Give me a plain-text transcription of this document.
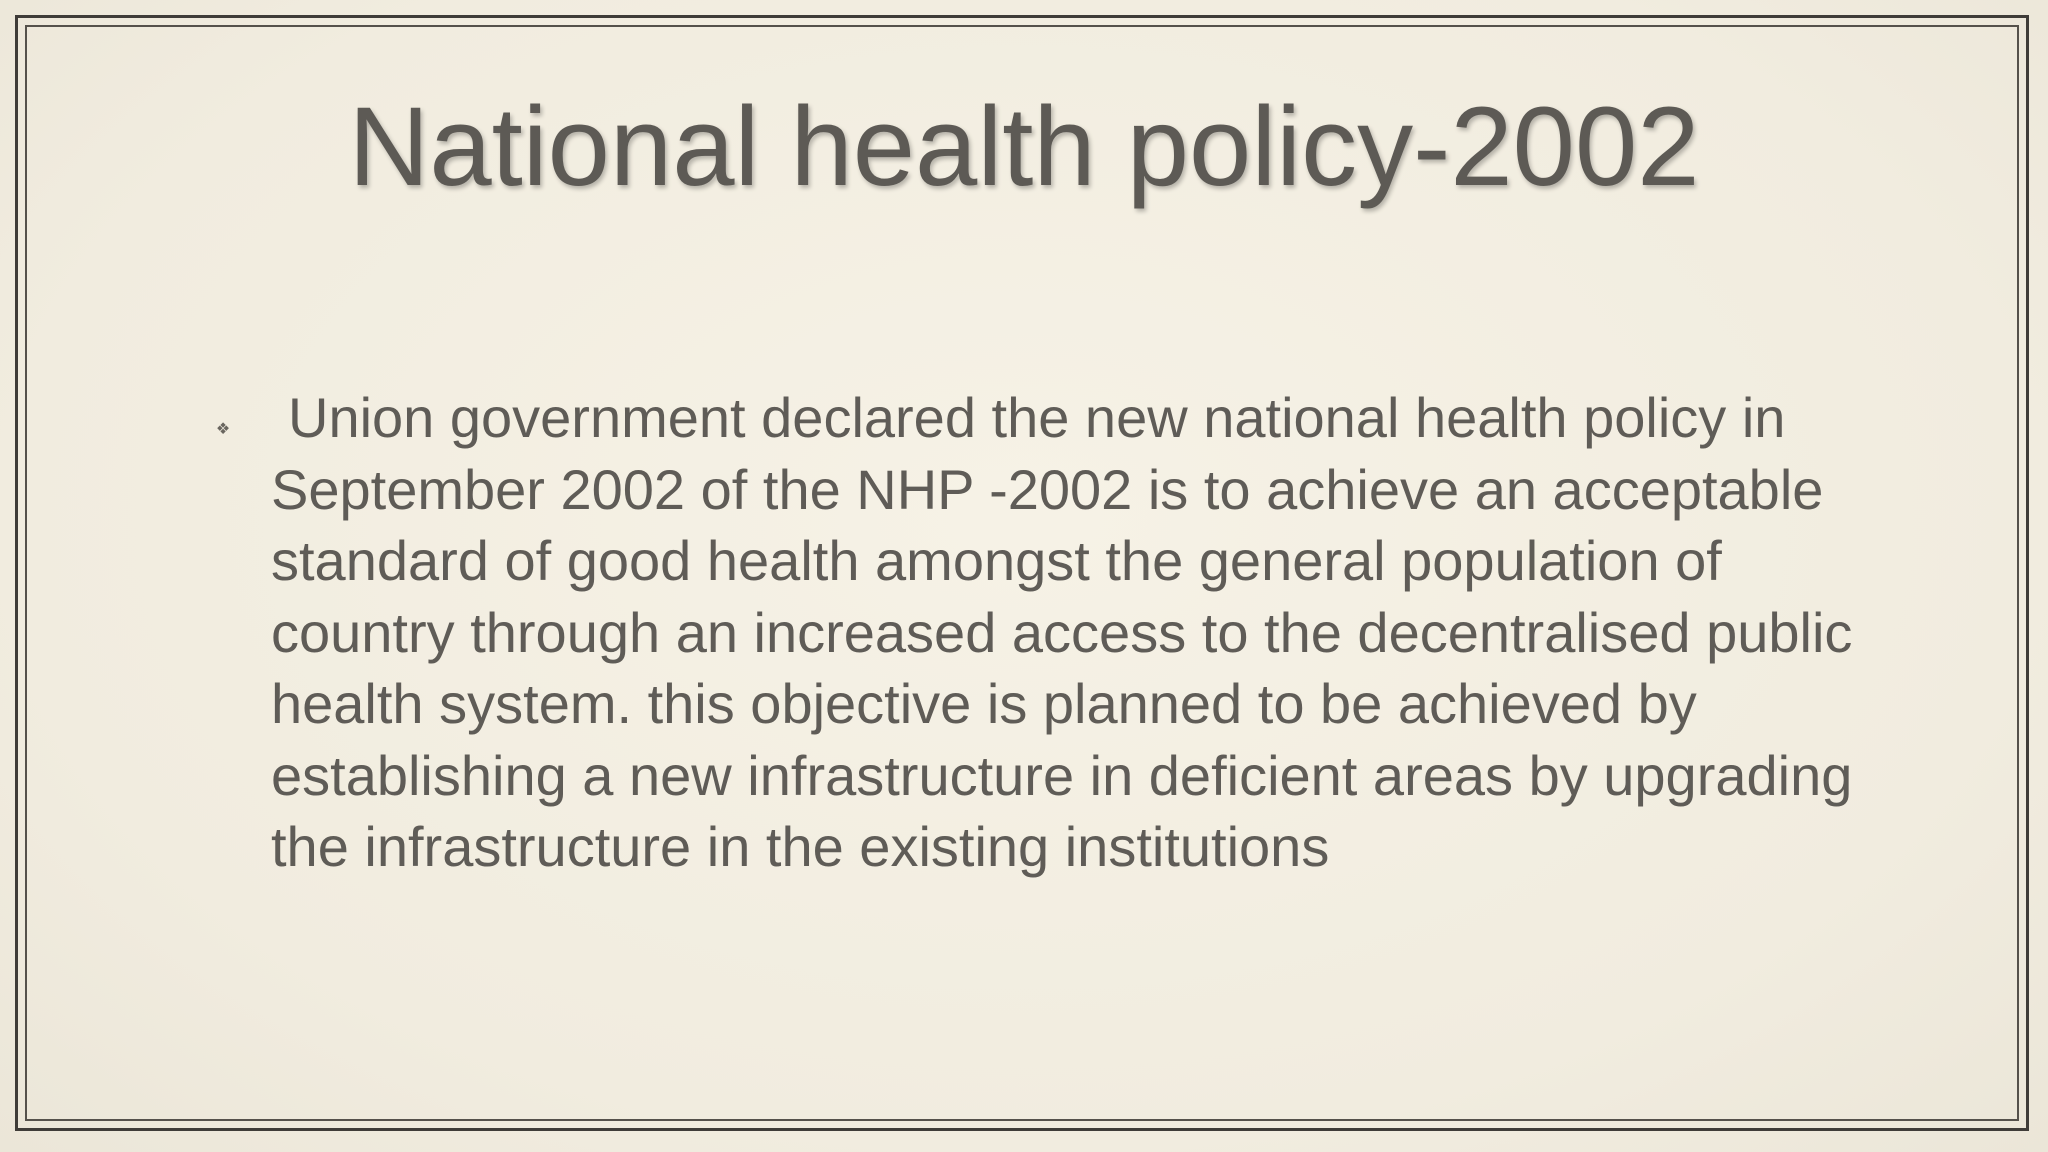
National health policy-2002
❖	Union government declared the new national health policy in September 2002 of the NHP -2002 is to achieve an acceptable standard of good health amongst the general population of country through an increased access to the decentralised public health system. this objective is planned to be achieved by establishing a new infrastructure in deficient areas by upgrading the infrastructure in the existing institutions
